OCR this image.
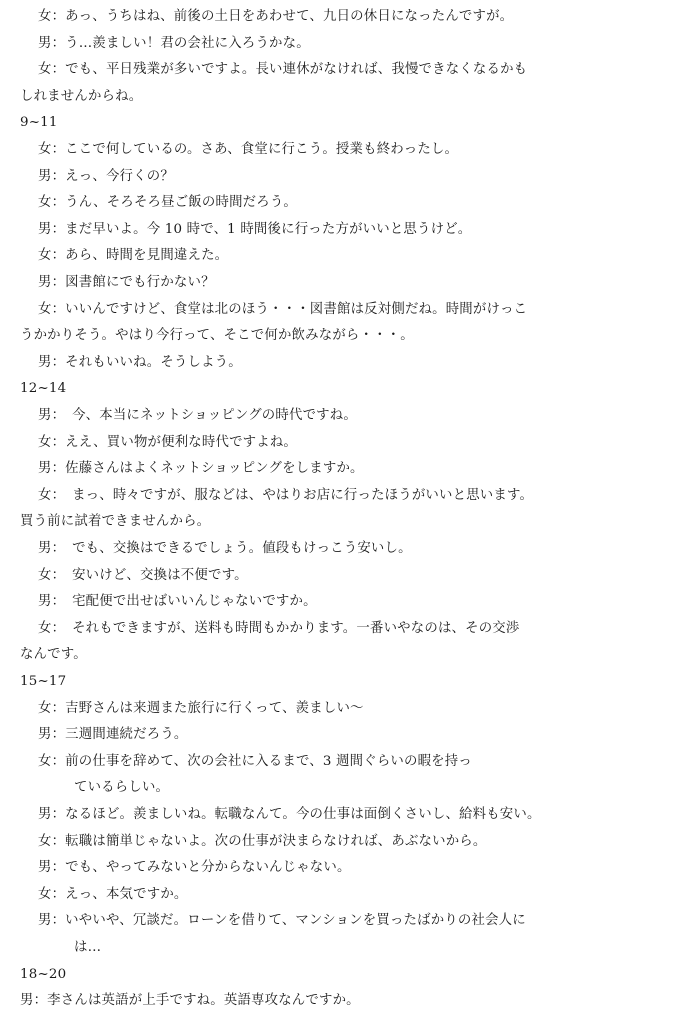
女：あっ、うちはね、前後の土日をあわせて、九日の休日になったんですが。
男：う…羨ましい！君の会社に入ろうかな。
女：でも、平日残業が多いですよ。長い連休がなければ、我慢できなくなるかも
しれませんからね。
9~11
女：ここで何しているの。さあ、食堂に行こう。授業も終わったし。
男：えっ、今行くの？
女：うん、そろそろ昼ご飯の時間だろう。
男：まだ早いよ。今 10 時で、1 時間後に行った方がいいと思うけど。
女：あら、時間を見間違えた。
男：図書館にでも行かない？
女：いいんですけど、食堂は北のほう・・・図書館は反対側だね。時間がけっこ
うかかりそう。やはり今行って、そこで何か飲みながら・・・。
男：それもいいね。そうしよう。
12~14
男：　今、本当にネットショッピングの時代ですね。
女：ええ、買い物が便利な時代ですよね。
男：佐藤さんはよくネットショッピングをしますか。
女：　まっ、時々ですが、服などは、やはりお店に行ったほうがいいと思います。
買う前に試着できませんから。
男：　でも、交換はできるでしょう。値段もけっこう安いし。
女：　安いけど、交換は不便です。
男：　宅配便で出せばいいんじゃないですか。
女：　それもできますが、送料も時間もかかります。一番いやなのは、その交渉
なんです。
15~17
女：吉野さんは来週また旅行に行くって、羨ましい～
男：三週間連続だろう。
女：前の仕事を辞めて、次の会社に入るまで、3 週間ぐらいの暇を持っ
ているらしい。
男：なるほど。羨ましいね。転職なんて。今の仕事は面倒くさいし、給料も安い。
女：転職は簡単じゃないよ。次の仕事が決まらなければ、あぶないから。
男：でも、やってみないと分からないんじゃない。
女：えっ、本気ですか。
男：いやいや、冗談だ。ローンを借りて、マンションを買ったばかりの社会人に
は…
18~20
男：李さんは英語が上手ですね。英語専攻なんですか。
